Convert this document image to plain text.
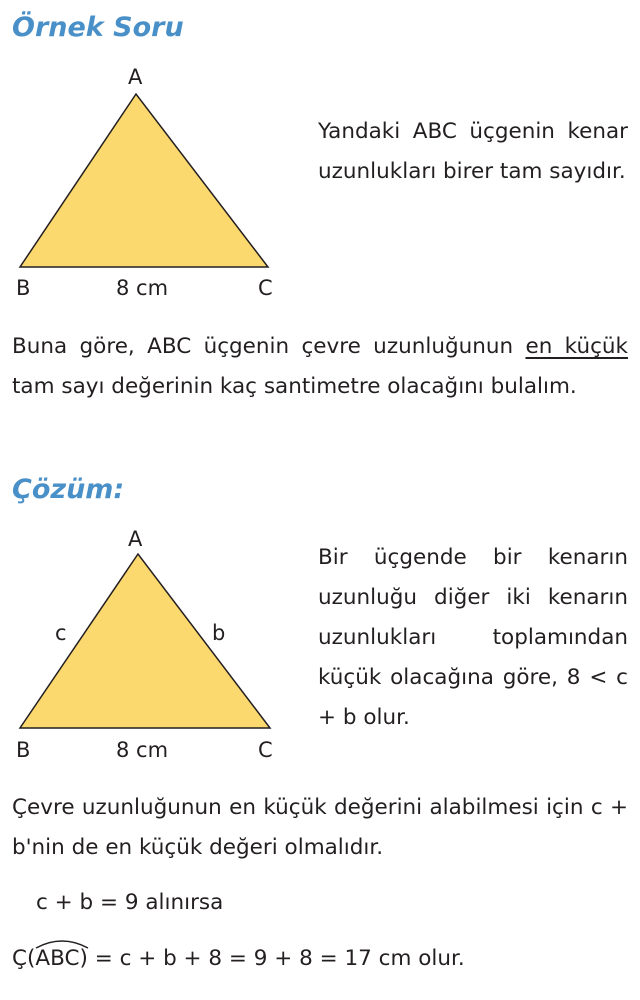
Örnek Soru
A
B	C
8 cm

Yandaki ABC üçgenin kenar uzunlukları birer tam sayıdır.

Buna göre, ABC üçgenin çevre uzunluğunun en küçük tam sayı değerinin kaç santimetre olacağını bulalım.

Çözüm:
A
B	C
c	b
8 cm

Bir üçgende bir kenarın uzunluğu diğer iki kenarın uzunlukları toplamından küçük olacağına göre, 8 < c + b olur.

Çevre uzunluğunun en küçük değerini alabilmesi için c + b'nin de en küçük değeri olmalıdır.

c + b = 9 alınırsa

Ç(
ABC) = c + b + 8 = 9 + 8 = 17 cm olur.
